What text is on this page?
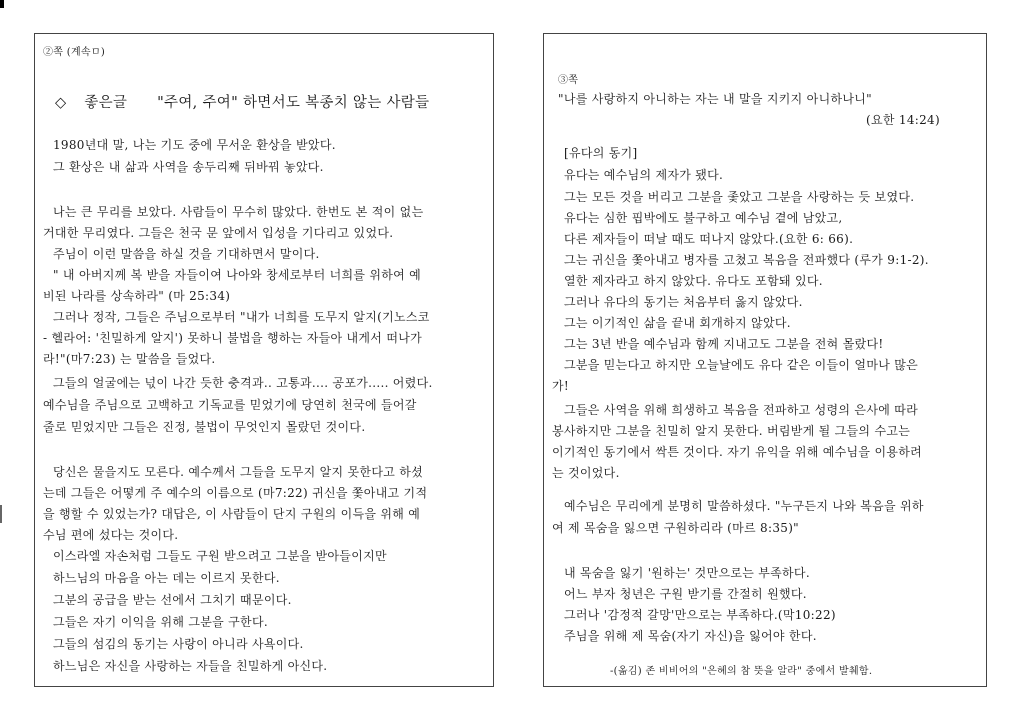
②쪽 (계속ㅁ)
◇ 좋은글 "주여, 주여" 하면서도 복종치 않는 사람들
1980년대 말, 나는 기도 중에 무서운 환상을 받았다.
그 환상은 내 삶과 사역을 송두리째 뒤바꿔 놓았다.
나는 큰 무리를 보았다. 사람들이 무수히 많았다. 한번도 본 적이 없는
거대한 무리였다. 그들은 천국 문 앞에서 입성을 기다리고 있었다.
주님이 이런 말씀을 하실 것을 기대하면서 말이다.
" 내 아버지께 복 받을 자들이여 나아와 창세로부터 너희를 위하여 예
비된 나라를 상속하라" (마 25:34)
그러나 정작, 그들은 주님으로부터 "내가 너희를 도무지 알지(기노스코
- 헬라어: '친밀하게 알지') 못하니 불법을 행하는 자들아 내게서 떠나가
라!"(마7:23) 는 말씀을 들었다.
그들의 얼굴에는 넋이 나간 듯한 충격과.. 고통과.... 공포가..... 어렸다.
예수님을 주님으로 고백하고 기독교를 믿었기에 당연히 천국에 들어갈
줄로 믿었지만 그들은 진정, 불법이 무엇인지 몰랐던 것이다.
당신은 물을지도 모른다. 예수께서 그들을 도무지 알지 못한다고 하셨
는데 그들은 어떻게 주 예수의 이름으로 (마7:22) 귀신을 쫓아내고 기적
을 행할 수 있었는가? 대답은, 이 사람들이 단지 구원의 이득을 위해 예
수님 편에 섰다는 것이다.
이스라엘 자손처럼 그들도 구원 받으려고 그분을 받아들이지만
하느님의 마음을 아는 데는 이르지 못한다.
그분의 공급을 받는 선에서 그치기 때문이다.
그들은 자기 이익을 위해 그분을 구한다.
그들의 섬김의 동기는 사랑이 아니라 사욕이다.
하느님은 자신을 사랑하는 자들을 친밀하게 아신다.
③쪽
"나를 사랑하지 아니하는 자는 내 말을 지키지 아니하나니"
(요한 14:24)
[유다의 동기]
유다는 예수님의 제자가 됐다.
그는 모든 것을 버리고 그분을 좇았고 그분을 사랑하는 듯 보였다.
유다는 심한 핍박에도 불구하고 예수님 곁에 남았고,
다른 제자들이 떠날 때도 떠나지 않았다.(요한 6: 66).
그는 귀신을 쫓아내고 병자를 고쳤고 복음을 전파했다 (루가 9:1-2).
열한 제자라고 하지 않았다. 유다도 포함돼 있다.
그러나 유다의 동기는 처음부터 옳지 않았다.
그는 이기적인 삶을 끝내 회개하지 않았다.
그는 3년 반을 예수님과 함께 지내고도 그분을 전혀 몰랐다!
그분을 믿는다고 하지만 오늘날에도 유다 같은 이들이 얼마나 많은
가!
그들은 사역을 위해 희생하고 복음을 전파하고 성령의 은사에 따라
봉사하지만 그분을 친밀히 알지 못한다. 버림받게 될 그들의 수고는
이기적인 동기에서 싹튼 것이다. 자기 유익을 위해 예수님을 이용하려
는 것이었다.
예수님은 무리에게 분명히 말씀하셨다. "누구든지 나와 복음을 위하
여 제 목숨을 잃으면 구원하리라 (마르 8:35)"
내 목숨을 잃기 '원하는' 것만으로는 부족하다.
어느 부자 청년은 구원 받기를 간절히 원했다.
그러나 '감정적 갈망'만으로는 부족하다.(막10:22)
주님을 위해 제 목숨(자기 자신)을 잃어야 한다.
-(옮김) 존 비비어의 "은혜의 참 뜻을 알라" 중에서 발췌함.
